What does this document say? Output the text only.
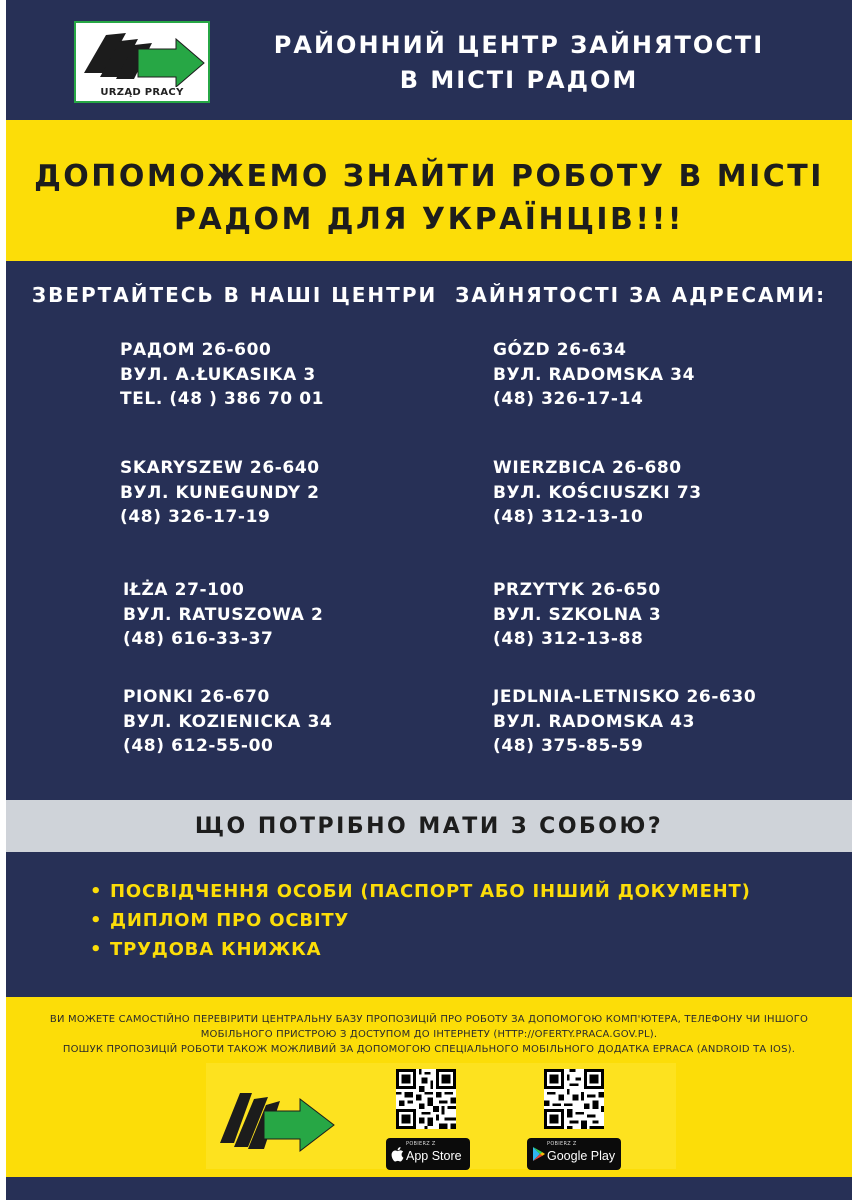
URZĄD PRACY
РАЙОННИЙ ЦЕНТР ЗАЙНЯТОСТІ
В МІСТІ РАДОМ
ДОПОМОЖЕМО ЗНАЙТИ РОБОТУ В МІСТІ
РАДОМ ДЛЯ УКРАЇНЦІВ!!!
ЗВЕРТАЙТЕСЬ В НАШІ ЦЕНТРИ  ЗАЙНЯТОСТІ ЗА АДРЕСАМИ:
РАДОМ 26-600
ВУЛ. A.ŁUKASIKA 3
TEL. (48 ) 386 70 01
GÓZD 26-634
ВУЛ. RADOMSKA 34
(48) 326-17-14
SKARYSZEW 26-640
ВУЛ. KUNEGUNDY 2
(48) 326-17-19
WIERZBICA 26-680
ВУЛ. KOŚCIUSZKI 73
(48) 312-13-10
IŁŻA 27-100
ВУЛ. RATUSZOWA 2
(48) 616-33-37
PRZYTYK 26-650
ВУЛ. SZKOLNA 3
(48) 312-13-88
PIONKI 26-670
ВУЛ. KOZIENICKA 34
(48) 612-55-00
JEDLNIA-LETNISKO 26-630
ВУЛ. RADOMSKA 43
(48) 375-85-59
ЩО ПОТРІБНО МАТИ З СОБОЮ?
• ПОСВІДЧЕННЯ ОСОБИ (ПАСПОРТ АБО ІНШИЙ ДОКУМЕНТ)
• ДИПЛОМ ПРО ОСВІТУ
• ТРУДОВА КНИЖКА
ВИ МОЖЕТЕ САМОСТІЙНО ПЕРЕВІРИТИ ЦЕНТРАЛЬНУ БАЗУ ПРОПОЗИЦІЙ ПРО РОБОТУ ЗА ДОПОМОГОЮ КОМП'ЮТЕРА, ТЕЛЕФОНУ ЧИ ІНШОГО
МОБІЛЬНОГО ПРИСТРОЮ З ДОСТУПОМ ДО ІНТЕРНЕТУ (HTTP://OFERTY.PRACA.GOV.PL).
ПОШУК ПРОПОЗИЦІЙ РОБОТИ ТАКОЖ МОЖЛИВИЙ ЗА ДОПОМОГОЮ СПЕЦІАЛЬНОГО МОБІЛЬНОГО ДОДАТКА EPRACA (ANDROID ТА IOS).
POBIERZ Z
App Store
POBIERZ Z
Google Play
